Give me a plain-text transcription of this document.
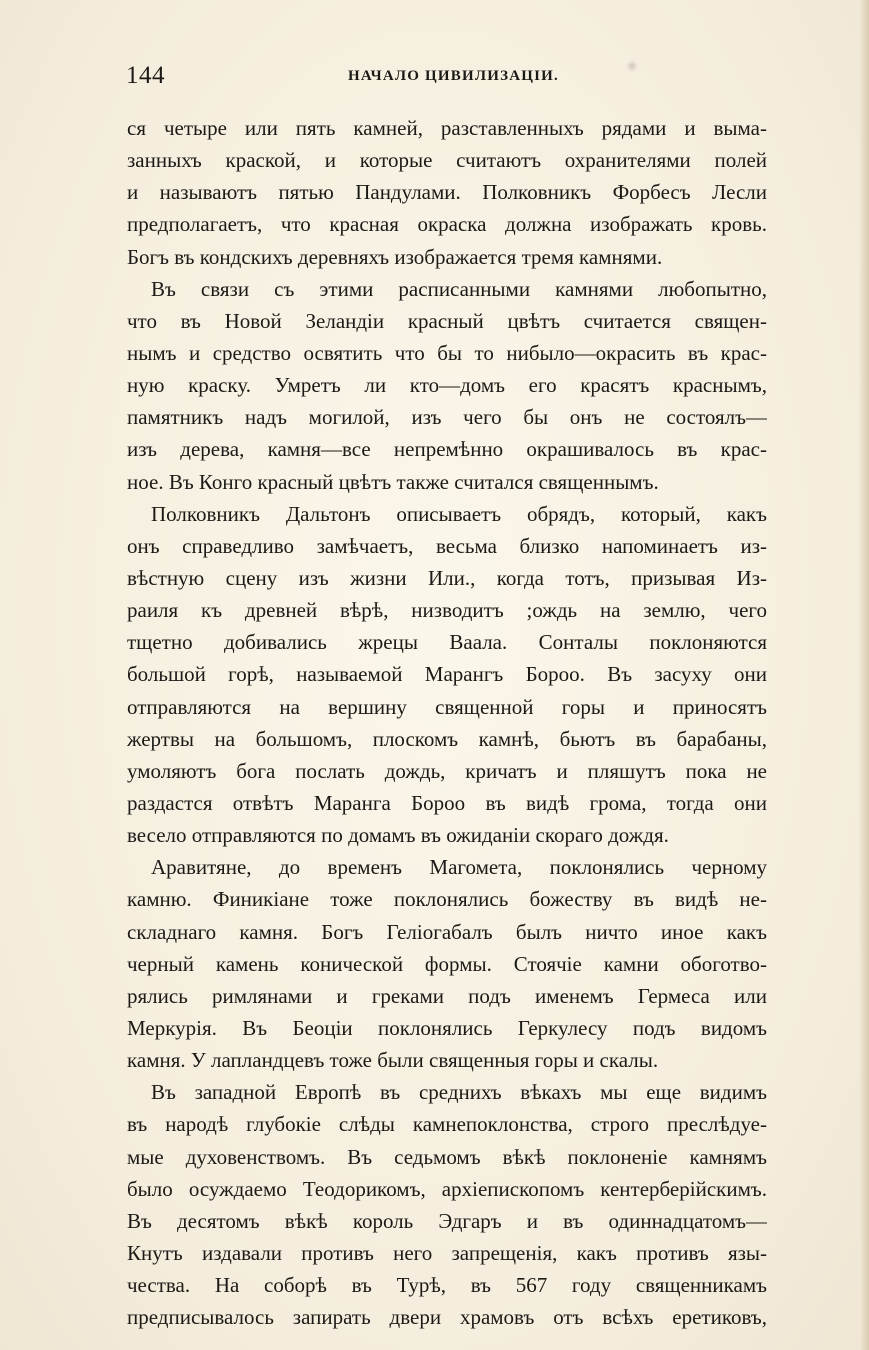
144	НАЧАЛО ЦИВИЛИЗАЦІИ.
ся четыре или пять камней, разставленныхъ рядами и выма-
занныхъ краской, и которые считаютъ охранителями полей
и называютъ пятью Пандулами. Полковникъ Форбесъ Лесли
предполагаетъ, что красная окраска должна изображать кровь.
Богъ въ кондскихъ деревняхъ изображается тремя камнями.
Въ связи съ этими расписанными камнями любопытно,
что въ Новой Зеландіи красный цвѣтъ считается священ-
нымъ и средство освятить что бы то нибыло—окрасить въ крас-
ную краску. Умретъ ли кто—домъ его красятъ краснымъ,
памятникъ надъ могилой, изъ чего бы онъ не состоялъ—
изъ дерева, камня—все непремѣнно окрашивалось въ крас-
ное. Въ Конго красный цвѣтъ также считался священнымъ.
Полковникъ Дальтонъ описываетъ обрядъ, который, какъ
онъ справедливо замѣчаетъ, весьма близко напоминаетъ из-
вѣстную сцену изъ жизни Или., когда тотъ, призывая Из-
раиля къ древней вѣрѣ, низводитъ ;ождь на землю, чего
тщетно добивались жрецы Ваала. Сонталы поклоняются
большой горѣ, называемой Марангъ Бороо. Въ засуху они
отправляются на вершину священной горы и приносятъ
жертвы на большомъ, плоскомъ камнѣ, бьютъ въ барабаны,
умоляютъ бога послать дождь, кричатъ и пляшутъ пока не
раздастся отвѣтъ Маранга Бороо въ видѣ грома, тогда они
весело отправляются по домамъ въ ожиданіи скораго дождя.
Аравитяне, до временъ Магомета, поклонялись черному
камню. Финикіане тоже поклонялись божеству въ видѣ не-
складнаго камня. Богъ Геліогабалъ былъ ничто иное какъ
черный камень конической формы. Стоячіе камни обоготво-
рялись римлянами и греками подъ именемъ Гермеса или
Меркурія. Въ Беоціи поклонялись Геркулесу подъ видомъ
камня. У лапландцевъ тоже были священныя горы и скалы.
Въ западной Европѣ въ среднихъ вѣкахъ мы еще видимъ
въ народѣ глубокіе слѣды камнепоклонства, строго преслѣдуе-
мые духовенствомъ. Въ седьмомъ вѣкѣ поклоненіе камнямъ
было осуждаемо Теодорикомъ, архіепископомъ кентерберійскимъ.
Въ десятомъ вѣкѣ король Эдгаръ и въ одиннадцатомъ—
Кнутъ издавали противъ него запрещенія, какъ противъ язы-
чества. На соборѣ въ Турѣ, въ 567 году священникамъ
предписывалось запирать двери храмовъ отъ всѣхъ еретиковъ,
